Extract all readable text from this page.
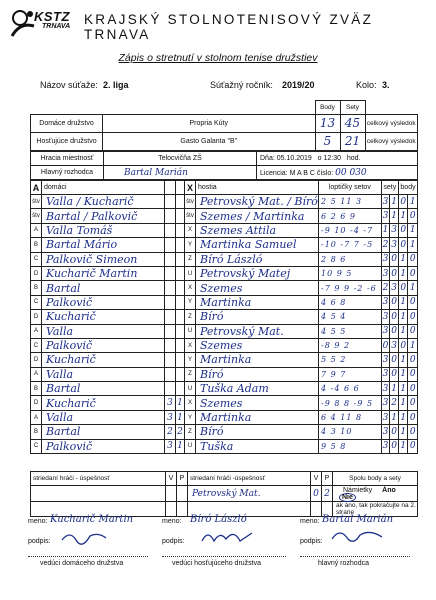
KSTZ
TRNAVA KRAJSKÝ STOLNOTENISOVÝ ZVÄZ TRNAVA
Zápis o stretnutí v stolnom tenise družstiev
Názov súťaže: 2. liga	Súťažný ročník: 2019/20	Kolo: 3.
			Body	Sety	
Domáce družstvo	Propria Kúty		13	45	celkový výsledok
Hosťujúce družstvo	Gasto Galanta "B"		5	21	celkový výsledok
Hracia miestnosť	Telocvičňa ZŠ	Dňa: 05.10.2019 o 12:30 hod.
Hlavný rozhodca	Bartal Marián	Licencia: M A B C číslo: 00 030
A	domáci			X	hostia	loptičky setov	sety		body	
štv	Valla / Kucharič			štv	Petrovský Mat. / Bíró	2 5 11 3	3	1	0	1
štv	Bartal / Palkovič			štv	Szemes / Martinka	6 2 6 9	3	1	1	0
A	Valla Tomáš			X	Szemes Attila	-9 10 -4 -7	1	3	0	1
B	Bartal Mário			Y	Martinka Samuel	-10 -7 7 -5	2	3	0	1
C	Palkovič Simeon			Z	Bíró László	2 8 6	3	0	1	0
D	Kucharič Martin			U	Petrovský Matej	10 9 5	3	0	1	0
B	Bartal			X	Szemes	-7 9 9 -2 -6	2	3	0	1
C	Palkovič			Y	Martinka	4 6 8	3	0	1	0
D	Kucharič			Z	Bíró	4 5 4	3	0	1	0
A	Valla			U	Petrovský Mat.	4 5 5	3	0	1	0
C	Palkovič			X	Szemes	-8 9 2	0	3	0	1
D	Kucharič			Y	Martinka	5 5 2	3	0	1	0
A	Valla			Z	Bíró	7 9 7	3	0	1	0
B	Bartal			U	Tuška Adam	4 -4 6 6	3	1	1	0
D	Kucharič	3	1	X	Szemes	-9 8 8 -9 5	3	2	1	0
A	Valla	3	1	Y	Martinka	6 4 11 8	3	1	1	0
B	Bartal	2	2	Z	Bíró	4 3 10	3	0	1	0
C	Palkovič	3	1	U	Tuška	9 5 8	3	0	1	0
striedaní hráči - úspešnosť	V	P	striedaní hráči -úspešnosť	V	P	Spolu body a sety
			Petrovský Mat.	0	2	Námietky Áno Nie
						ak áno, tak pokračujte na 2. strane
meno: Kucharič Martin
podpis:
vedúci domáceho družstva
meno: Bíró László
podpis:
vedúci hosťujúceho družstva
meno: Bartal Marián
podpis:
hlavný rozhodca
